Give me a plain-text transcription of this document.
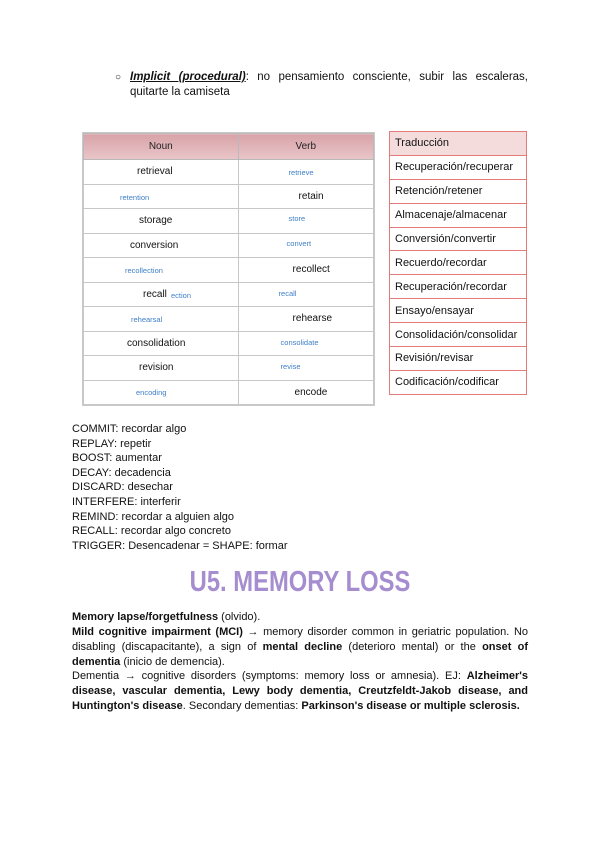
○ Implicit (procedural): no pensamiento consciente, subir las escaleras, quitarte la camiseta
Noun	Verb

retrieval	retrieve

retention	retain

storage	store

conversion	convert

recollection	recollect

recall ection	recall

rehearsal	rehearse

consolidation	consolidate

revision	revise

encoding	encode
Traducción
Recuperación/recuperar
Retención/retener
Almacenaje/almacenar
Conversión/convertir
Recuerdo/recordar
Recuperación/recordar
Ensayo/ensayar
Consolidación/consolidar
Revisión/revisar
Codificación/codificar
COMMIT: recordar algo
REPLAY: repetir
BOOST: aumentar
DECAY: decadencia
DISCARD: desechar
INTERFERE: interferir
REMIND: recordar a alguien algo
RECALL: recordar algo concreto
TRIGGER: Desencadenar = SHAPE: formar
U5. MEMORY LOSS
Memory lapse/forgetfulness (olvido).
Mild cognitive impairment (MCI) → memory disorder common in geriatric population. No disabling (discapacitante), a sign of mental decline (deterioro mental) or the onset of dementia (inicio de demencia).
Dementia → cognitive disorders (symptoms: memory loss or amnesia). EJ: Alzheimer's disease, vascular dementia, Lewy body dementia, Creutzfeldt-Jakob disease, and Huntington's disease. Secondary dementias: Parkinson's disease or multiple sclerosis.
